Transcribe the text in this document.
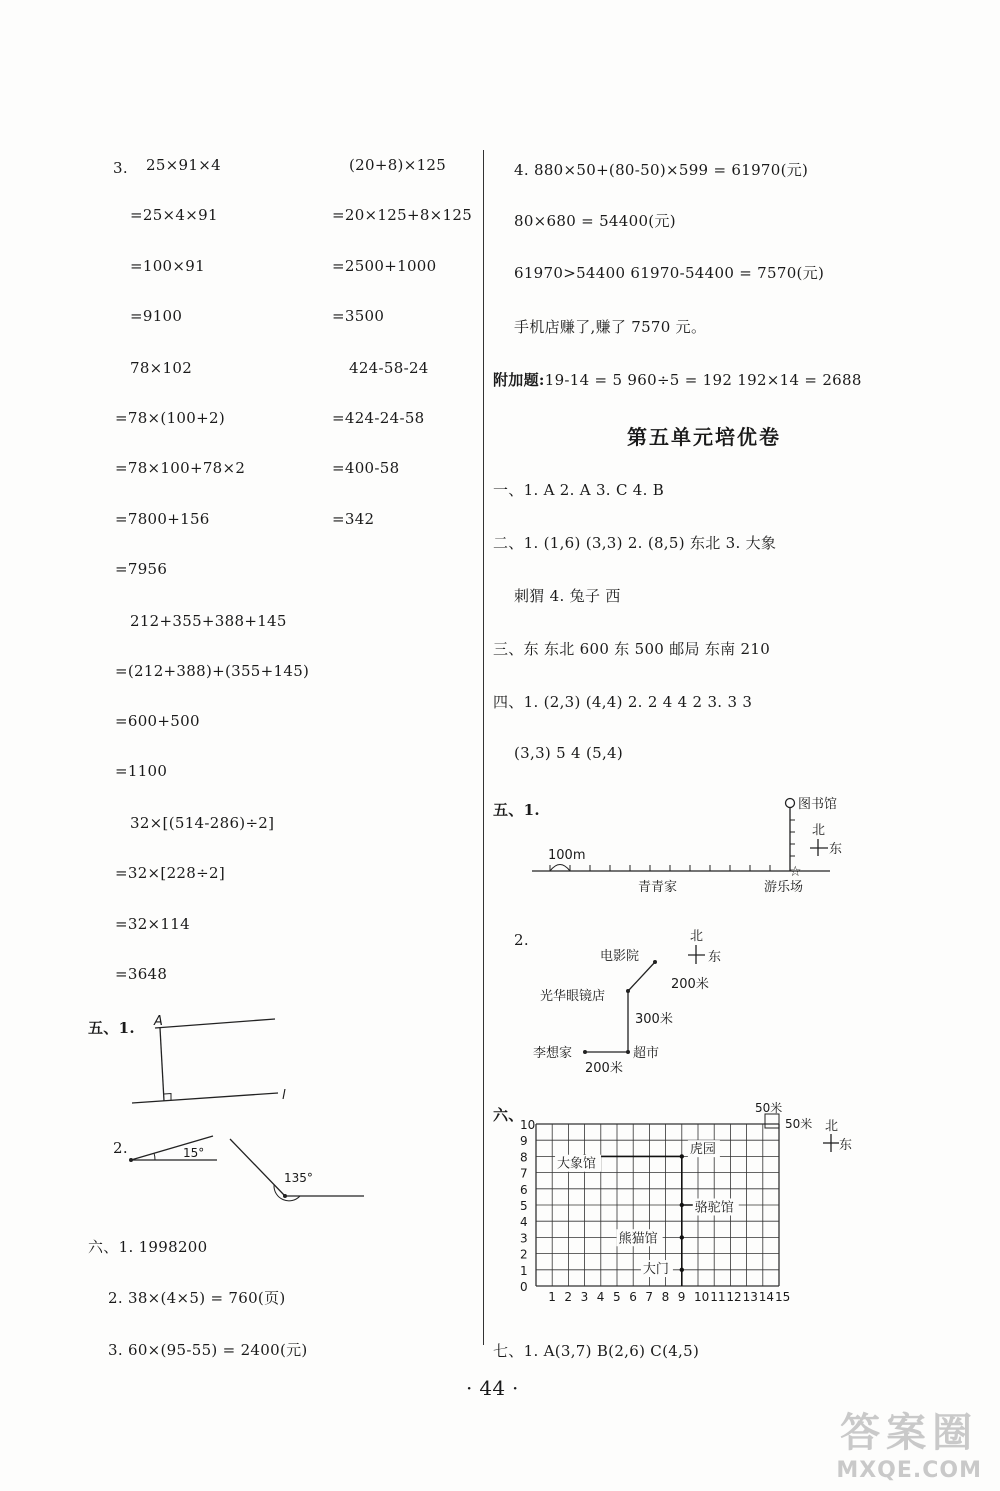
3. 25×91×4
=25×4×91
=100×91
=9100
(20+8)×125
=20×125+8×125
=2500+1000
=3500
78×102
=78×(100+2)
=78×100+78×2
=7800+156
=7956
424-58-24
=424-24-58
=400-58
=342
212+355+388+145
=(212+388)+(355+145)
=600+500
=1100
32×[(514-286)÷2]
=32×[228÷2]
=32×114
=3648
五、1. A
l
2.	15°
135°
六、1. 1998200
2. 38×(4×5) = 760(页)
3. 60×(95-55) = 2400(元)
4. 880×50+(80-50)×599 = 61970(元)
80×680 = 54400(元)
61970>54400 61970-54400 = 7570(元)
手机店赚了,赚了 7570 元。
附加题:19-14 = 5 960÷5 = 192 192×14 = 2688
第五单元培优卷
一、1. A 2. A 3. C 4. B
二、1. (1,6) (3,3) 2. (8,5) 东北 3. 大象
刺猬 4. 兔子 西
三、东 东北 600 东 500 邮局 东南 210
四、1. (2,3) (4,4) 2. 2 4 4 2 3. 3 3
(3,3) 5 4 (5,4)
五、1.
100m
图书馆
☆
北
东
青青家	游乐场
2.	北
东
电影院
200米
光华眼镜店
300米
李想家	超市
200米
六、
1 2 3 4 5 6 7 8 9 10 11 12 13 14 15
0
1
2
3
4
5
6
7
8
9
10
虎园
大象馆
骆驼馆
熊猫馆
大门
50米
50米 北
东
七、1. A(3,7) B(2,6) C(4,5)
· 44 ·
答案圈
MXQE.COM
